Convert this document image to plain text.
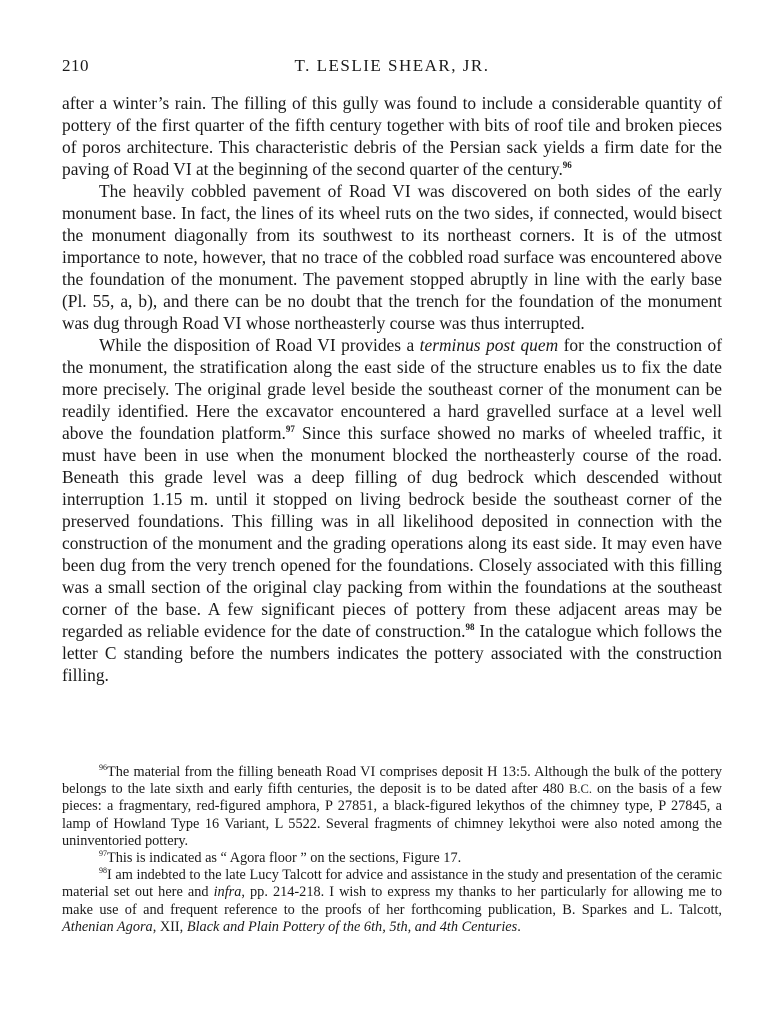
210	T. LESLIE SHEAR, JR.

after a winter’s rain. The filling of this gully was found to include a considerable quantity of pottery of the first quarter of the fifth century together with bits of roof tile and broken pieces of poros architecture. This characteristic debris of the Persian sack yields a firm date for the paving of Road VI at the beginning of the second quarter of the century.$^{96}$

The heavily cobbled pavement of Road VI was discovered on both sides of the early monument base. In fact, the lines of its wheel ruts on the two sides, if connected, would bisect the monument diagonally from its southwest to its northeast corners. It is of the utmost importance to note, however, that no trace of the cobbled road surface was encountered above the foundation of the monument. The pavement stopped abruptly in line with the early base (Pl. 55, a, b), and there can be no doubt that the trench for the foundation of the monument was dug through Road VI whose northeasterly course was thus interrupted.

While the disposition of Road VI provides a terminus post quem for the construction of the monument, the stratification along the east side of the structure enables us to fix the date more precisely. The original grade level beside the southeast corner of the monument can be readily identified. Here the excavator encountered a hard gravelled surface at a level well above the foundation platform.$^{97}$ Since this surface showed no marks of wheeled traffic, it must have been in use when the monument blocked the northeasterly course of the road. Beneath this grade level was a deep filling of dug bedrock which descended without interruption 1.15 m. until it stopped on living bedrock beside the southeast corner of the preserved foundations. This filling was in all likelihood deposited in connection with the construction of the monument and the grading operations along its east side. It may even have been dug from the very trench opened for the foundations. Closely associated with this filling was a small section of the original clay packing from within the foundations at the southeast corner of the base. A few significant pieces of pottery from these adjacent areas may be regarded as reliable evidence for the date of construction.$^{98}$ In the catalogue which follows the letter C standing before the numbers indicates the pottery associated with the construction filling.

$^{96}$The material from the filling beneath Road VI comprises deposit H 13:5. Although the bulk of the pottery belongs to the late sixth and early fifth centuries, the deposit is to be dated after 480 B.C. on the basis of a few pieces: a fragmentary, red-figured amphora, P 27851, a black-figured lekythos of the chimney type, P 27845, a lamp of Howland Type 16 Variant, L 5522. Several fragments of chimney lekythoi were also noted among the uninventoried pottery.

$^{97}$This is indicated as “ Agora floor ” on the sections, Figure 17.

$^{98}$I am indebted to the late Lucy Talcott for advice and assistance in the study and presentation of the ceramic material set out here and infra, pp. 214-218. I wish to express my thanks to her particularly for allowing me to make use of and frequent reference to the proofs of her forthcoming publication, B. Sparkes and L. Talcott, Athenian Agora, XII, Black and Plain Pottery of the 6th, 5th, and 4th Centuries.
